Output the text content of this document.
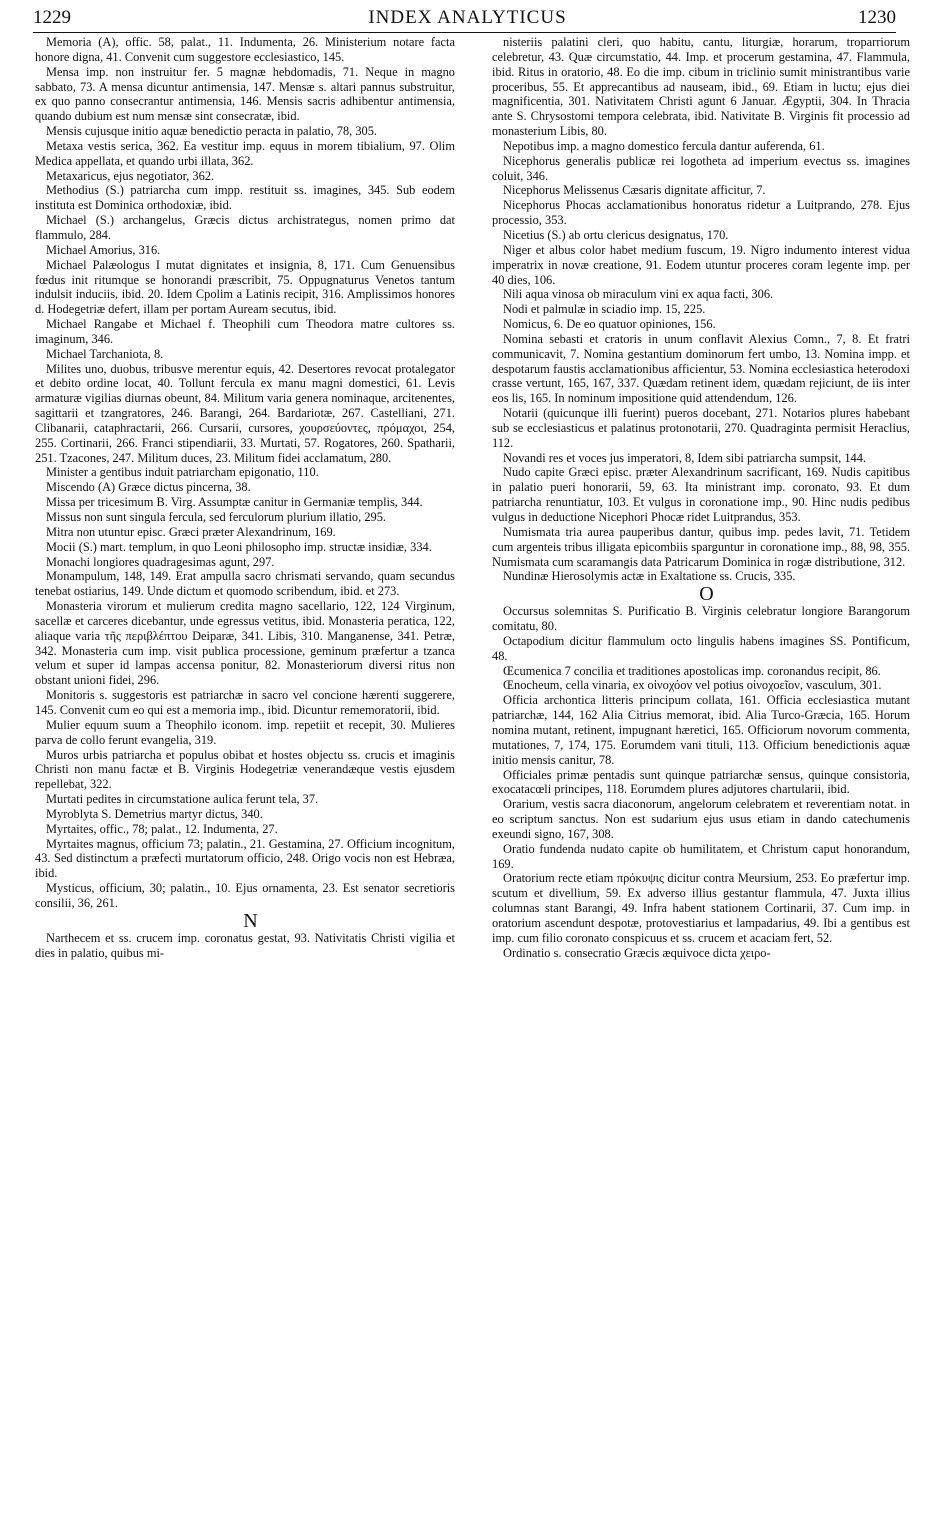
1229	INDEX ANALYTICUS	1230

Memoria (A), offic. 58, palat., 11. Indumenta, 26. Ministerium notare facta honore digna, 41. Convenit cum suggestore ecclesiastico, 145.

Mensa imp. non instruitur fer. 5 magnæ hebdomadis, 71. Neque in magno sabbato, 73. A mensa dicuntur antimensia, 147. Mensæ s. altari pannus substruitur, ex quo panno consecrantur antimensia, 146. Mensis sacris adhibentur antimensia, quando dubium est num mensæ sint consecratæ, ibid.

Mensis cujusque initio aquæ benedictio peracta in palatio, 78, 305.

Metaxa vestis serica, 362. Ea vestitur imp. equus in morem tibialium, 97. Olim Medica appellata, et quando urbi illata, 362.

Metaxaricus, ejus negotiator, 362.

Methodius (S.) patriarcha cum impp. restituit ss. imagines, 345. Sub eodem instituta est Dominica orthodoxiæ, ibid.

Michael (S.) archangelus, Græcis dictus archistrategus, nomen primo dat flammulo, 284.

Michael Amorius, 316.

Michael Palæologus I mutat dignitates et insignia, 8, 171. Cum Genuensibus fœdus init ritumque se honorandi præscribit, 75. Oppugnaturus Venetos tantum indulsit induciis, ibid. 20. Idem Cpolim a Latinis recipit, 316. Amplissimos honores d. Hodegetriæ defert, illam per portam Auream secutus, ibid.

Michael Rangabe et Michael f. Theophili cum Theodora matre cultores ss. imaginum, 346.

Michael Tarchaniota, 8.

Milites uno, duobus, tribusve merentur equis, 42. Desertores revocat protalegator et debito ordine locat, 40. Tollunt fercula ex manu magni domestici, 61. Levis armaturæ vigilias diurnas obeunt, 84. Militum varia genera nominaque, arcitenentes, sagittarii et tzangratores, 246. Barangi, 264. Bardariotæ, 267. Castelliani, 271. Clibanarii, cataphractarii, 266. Cursarii, cursores, χουρσεύοντες, πρόμαχοι, 254, 255. Cortinarii, 266. Franci stipendiarii, 33. Murtati, 57. Rogatores, 260. Spatharii, 251. Tzacones, 247. Militum duces, 23. Militum fidei acclamatum, 280.

Minister a gentibus induit patriarcham epigonatio, 110.

Miscendo (A) Græce dictus pincerna, 38.

Missa per tricesimum B. Virg. Assumptæ canitur in Germaniæ templis, 344.

Missus non sunt singula fercula, sed ferculorum plurium illatio, 295.

Mitra non utuntur episc. Græci præter Alexandrinum, 169.

Mocii (S.) mart. templum, in quo Leoni philosopho imp. structæ insidiæ, 334.

Monachi longiores quadragesimas agunt, 297.

Monampulum, 148, 149. Erat ampulla sacro chrismati servando, quam secundus tenebat ostiarius, 149. Unde dictum et quomodo scribendum, ibid. et 273.

Monasteria virorum et mulierum credita magno sacellario, 122, 124 Virginum, sacellæ et carceres dicebantur, unde egressus vetitus, ibid. Monasteria peratica, 122, aliaque varia τῆς περιβλέπτου Deiparæ, 341. Libis, 310. Manganense, 341. Petræ, 342. Monasteria cum imp. visit publica processione, geminum præfertur a tzanca velum et super id lampas accensa ponitur, 82. Monasteriorum diversi ritus non obstant unioni fidei, 296.

Monitoris s. suggestoris est patriarchæ in sacro vel concione hærenti suggerere, 145. Convenit cum eo qui est a memoria imp., ibid. Dicuntur rememoratorii, ibid.

Mulier equum suum a Theophilo iconom. imp. repetiit et recepit, 30. Mulieres parva de collo ferunt evangelia, 319.

Muros urbis patriarcha et populus obibat et hostes objectu ss. crucis et imaginis Christi non manu factæ et B. Virginis Hodegetriæ venerandæque vestis ejusdem repellebat, 322.

Murtati pedites in circumstatione aulica ferunt tela, 37.

Myroblyta S. Demetrius martyr dictus, 340.

Myrtaites, offic., 78; palat., 12. Indumenta, 27.

Myrtaites magnus, officium 73; palatin., 21. Gestamina, 27. Officium incognitum, 43. Sed distinctum a præfecti murtatorum officio, 248. Origo vocis non est Hebræa, ibid.

Mysticus, officium, 30; palatin., 10. Ejus ornamenta, 23. Est senator secretioris consilii, 36, 261.

N

Narthecem et ss. crucem imp. coronatus gestat, 93. Nativitatis Christi vigilia et dies in palatio, quibus mi-

nisteriis palatini cleri, quo habitu, cantu, liturgiæ, horarum, troparriorum celebretur, 43. Quæ circumstatio, 44. Imp. et procerum gestamina, 47. Flammula, ibid. Ritus in oratorio, 48. Eo die imp. cibum in triclinio sumit ministrantibus varie proceribus, 55. Et apprecantibus ad nauseam, ibid., 69. Etiam in luctu; ejus diei magnificentia, 301. Nativitatem Christi agunt 6 Januar. Ægyptii, 304. In Thracia ante S. Chrysostomi tempora celebrata, ibid. Nativitate B. Virginis fit processio ad monasterium Libis, 80.

Nepotibus imp. a magno domestico fercula dantur auferenda, 61.

Nicephorus generalis publicæ rei logotheta ad imperium evectus ss. imagines coluit, 346.

Nicephorus Melissenus Cæsaris dignitate afficitur, 7.

Nicephorus Phocas acclamationibus honoratus ridetur a Luitprando, 278. Ejus processio, 353.

Nicetius (S.) ab ortu clericus designatus, 170.

Niger et albus color habet medium fuscum, 19. Nigro indumento interest vidua imperatrix in novæ creatione, 91. Eodem utuntur proceres coram legente imp. per 40 dies, 106.

Nili aqua vinosa ob miraculum vini ex aqua facti, 306.

Nodi et palmulæ in sciadio imp. 15, 225.

Nomicus, 6. De eo quatuor opiniones, 156.

Nomina sebasti et cratoris in unum conflavit Alexius Comn., 7, 8. Et fratri communicavit, 7. Nomina gestantium dominorum fert umbo, 13. Nomina impp. et despotarum faustis acclamationibus afficientur, 53. Nomina ecclesiastica heterodoxi crasse vertunt, 165, 167, 337. Quædam retinent idem, quædam rejiciunt, de iis inter eos lis, 165. In nominum impositione quid attendendum, 126.

Notarii (quicunque illi fuerint) pueros docebant, 271. Notarios plures habebant sub se ecclesiasticus et palatinus protonotarii, 270. Quadraginta permisit Heraclius, 112.

Novandi res et voces jus imperatori, 8, Idem sibi patriarcha sumpsit, 144.

Nudo capite Græci episc. præter Alexandrinum sacrificant, 169. Nudis capitibus in palatio pueri honorarii, 59, 63. Ita ministrant imp. coronato, 93. Et dum patriarcha renuntiatur, 103. Et vulgus in coronatione imp., 90. Hinc nudis pedibus vulgus in deductione Nicephori Phocæ ridet Luitprandus, 353.

Numismata tria aurea pauperibus dantur, quibus imp. pedes lavit, 71. Tetidem cum argenteis tribus illigata epicombiis sparguntur in coronatione imp., 88, 98, 355. Numismata cum scaramangis data Patricarum Dominica in rogæ distributione, 312.

Nundinæ Hierosolymis actæ in Exaltatione ss. Crucis, 335.

O

Occursus solemnitas S. Purificatio B. Virginis celebratur longiore Barangorum comitatu, 80.

Octapodium dicitur flammulum octo lingulis habens imagines SS. Pontificum, 48.

Œcumenica 7 concilia et traditiones apostolicas imp. coronandus recipit, 86.

Œnocheum, cella vinaria, ex οἰνοχόον vel potius οἰνοχοεῖον, vasculum, 301.

Officia archontica litteris principum collata, 161. Officia ecclesiastica mutant patriarchæ, 144, 162 Alia Citrius memorat, ibid. Alia Turco-Græcia, 165. Horum nomina mutant, retinent, impugnant hæretici, 165. Officiorum novorum commenta, mutationes, 7, 174, 175. Eorumdem vani tituli, 113. Officium benedictionis aquæ initio mensis canitur, 78.

Officiales primæ pentadis sunt quinque patriarchæ sensus, quinque consistoria, exocatacœli principes, 118. Eorumdem plures adjutores chartularii, ibid.

Orarium, vestis sacra diaconorum, angelorum celebratem et reverentiam notat. in eo scriptum sanctus. Non est sudarium ejus usus etiam in dando catechumenis exeundi signo, 167, 308.

Oratio fundenda nudato capite ob humilitatem, et Christum caput honorandum, 169.

Oratorium recte etiam πρόκυψις dicitur contra Meursium, 253. Eo præfertur imp. scutum et divellium, 59. Ex adverso illius gestantur flammula, 47. Juxta illius columnas stant Barangi, 49. Infra habent stationem Cortinarii, 37. Cum imp. in oratorium ascendunt despotæ, protovestiarius et lampadarius, 49. Ibi a gentibus est imp. cum filio coronato conspicuus et ss. crucem et acaciam fert, 52.

Ordinatio s. consecratio Græcis æquivoce dicta χειρο-
